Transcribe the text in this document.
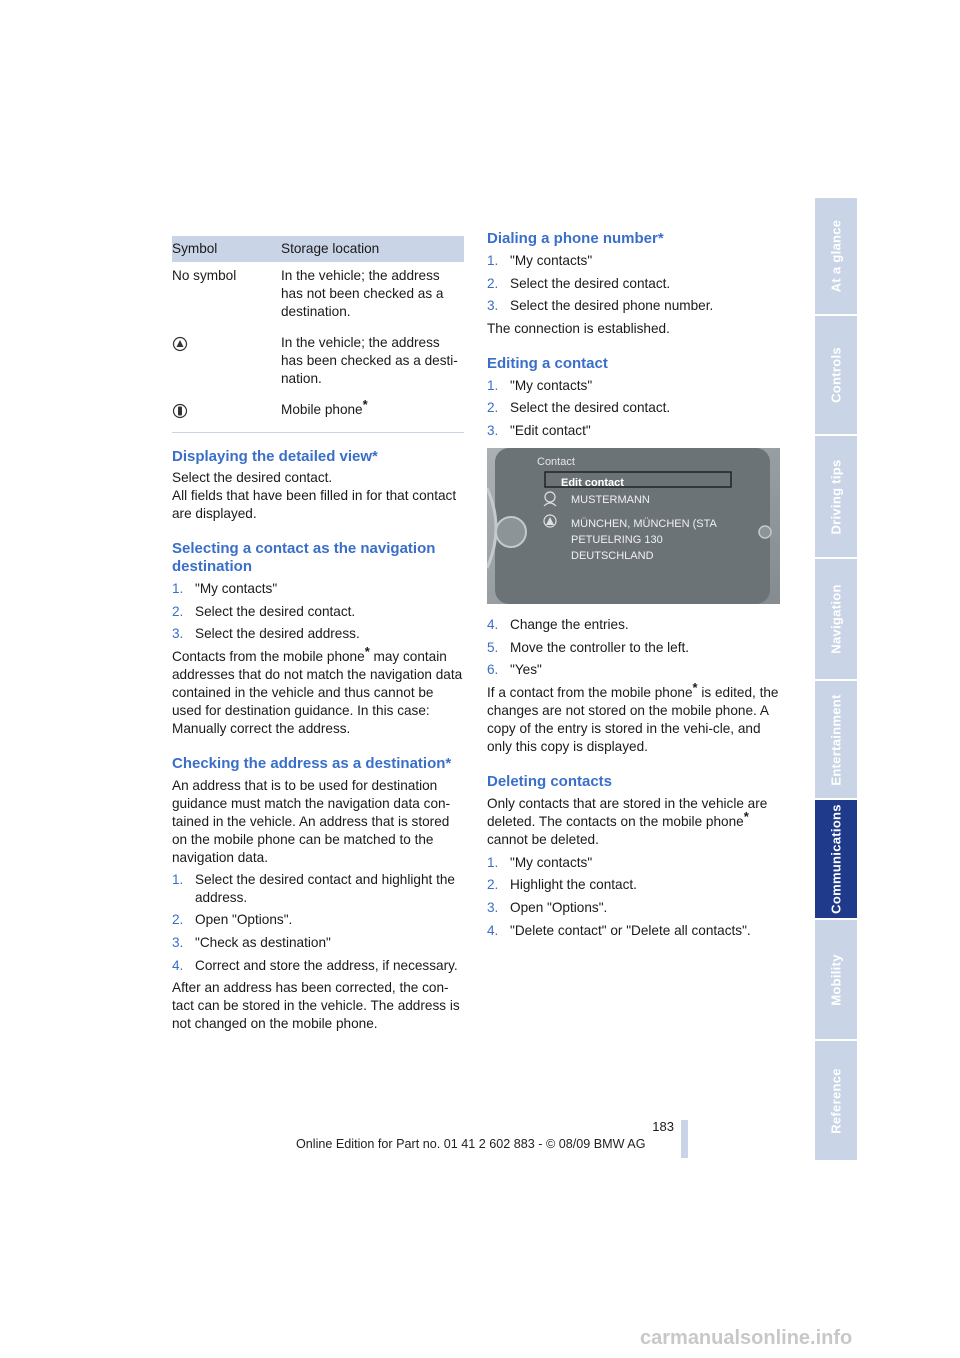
At a glance
Controls
Driving tips
Navigation
Entertainment
Communications
Mobility
Reference
Symbol	Storage location
No symbol	In the vehicle; the address has not been checked as a destination.
	In the vehicle; the address has been checked as a desti-nation.
	Mobile phone*
Displaying the detailed view*

Select the desired contact.

All fields that have been filled in for that contact are displayed.

Selecting a contact as the navigation destination
1. "My contacts"
2. Select the desired contact.
3. Select the desired address.

Contacts from the mobile phone* may contain addresses that do not match the navigation data contained in the vehicle and thus cannot be used for destination guidance. In this case: Manually correct the address.

Checking the address as a destination*

An address that is to be used for destination guidance must match the navigation data con-tained in the vehicle. An address that is stored on the mobile phone can be matched to the navigation data.

1. Select the desired contact and highlight the address.
2. Open "Options".
3. "Check as destination"
4. Correct and store the address, if necessary.

After an address has been corrected, the con-tact can be stored in the vehicle. The address is not changed on the mobile phone.

Dialing a phone number*
1. "My contacts"
2. Select the desired contact.
3. Select the desired phone number.

The connection is established.

Editing a contact
1. "My contacts"
2. Select the desired contact.
3. "Edit contact"
Contact
Edit contact
MUSTERMANN
MÜNCHEN, MÜNCHEN (STA
PETUELRING 130
DEUTSCHLAND
4. Change the entries.
5. Move the controller to the left.
6. "Yes"

If a contact from the mobile phone* is edited, the changes are not stored on the mobile phone. A copy of the entry is stored in the vehi-cle, and only this copy is displayed.

Deleting contacts

Only contacts that are stored in the vehicle are deleted. The contacts on the mobile phone*
cannot be deleted.

1. "My contacts"
2. Highlight the contact.
3. Open "Options".
4. "Delete contact" or "Delete all contacts".
183
Online Edition for Part no. 01 41 2 602 883 - © 08/09 BMW AG
carmanualsonline.info
